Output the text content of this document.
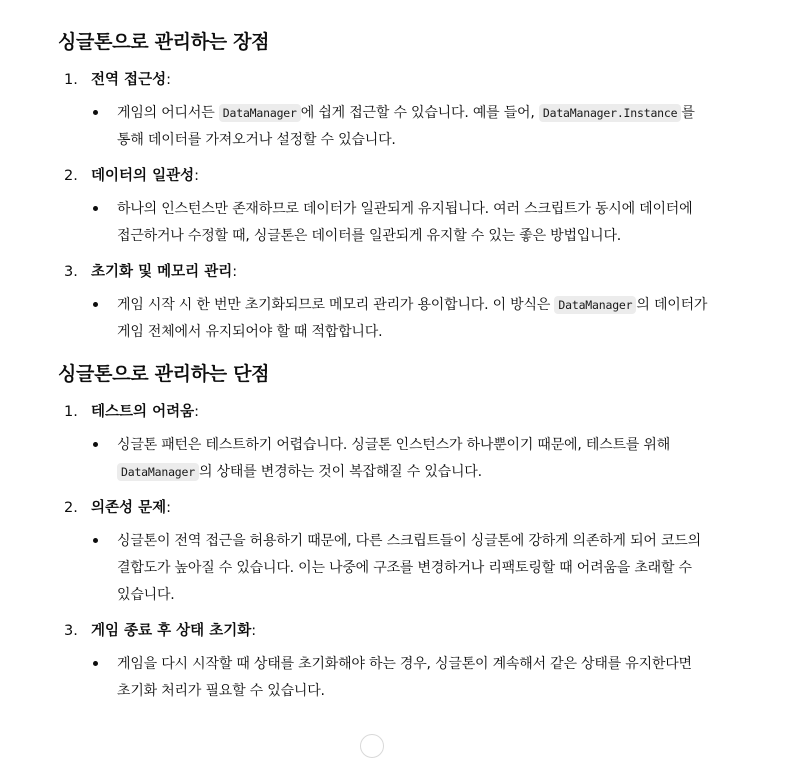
싱글톤으로 관리하는 장점
1. 전역 접근성:
게임의 어디서든 DataManager 에 쉽게 접근할 수 있습니다. 예를 들어, DataManager.Instance 를 통해 데이터를 가져오거나 설정할 수 있습니다.
2. 데이터의 일관성:
하나의 인스턴스만 존재하므로 데이터가 일관되게 유지됩니다. 여러 스크립트가 동시에 데이터에 접근하거나 수정할 때, 싱글톤은 데이터를 일관되게 유지할 수 있는 좋은 방법입니다.
3. 초기화 및 메모리 관리:
게임 시작 시 한 번만 초기화되므로 메모리 관리가 용이합니다. 이 방식은 DataManager 의 데이터가 게임 전체에서 유지되어야 할 때 적합합니다.
싱글톤으로 관리하는 단점
1. 테스트의 어려움:
싱글톤 패턴은 테스트하기 어렵습니다. 싱글톤 인스턴스가 하나뿐이기 때문에, 테스트를 위해 DataManager 의 상태를 변경하는 것이 복잡해질 수 있습니다.
2. 의존성 문제:
싱글톤이 전역 접근을 허용하기 때문에, 다른 스크립트들이 싱글톤에 강하게 의존하게 되어 코드의 결합도가 높아질 수 있습니다. 이는 나중에 구조를 변경하거나 리팩토링할 때 어려움을 초래할 수 있습니다.
3. 게임 종료 후 상태 초기화:
게임을 다시 시작할 때 상태를 초기화해야 하는 경우, 싱글톤이 계속해서 같은 상태를 유지한다면 초기화 처리가 필요할 수 있습니다.
